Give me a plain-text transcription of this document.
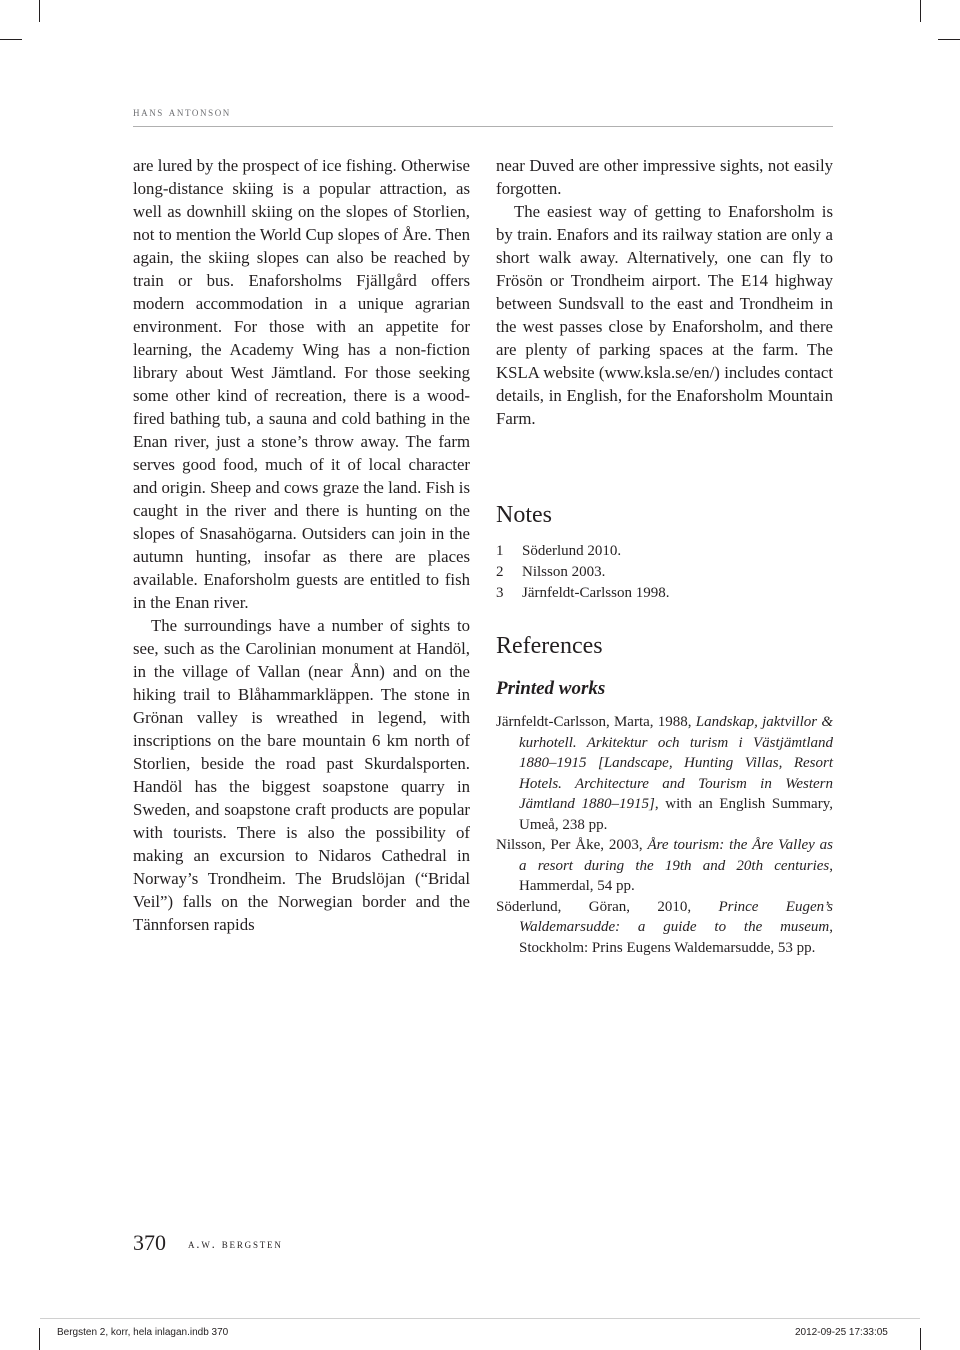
hans antonson

are lured by the prospect of ice fishing. Otherwise long-distance skiing is a popular attraction, as well as downhill skiing on the slopes of Storlien, not to mention the World Cup slopes of Åre. Then again, the skiing slopes can also be reached by train or bus. Enaforsholms Fjällgård offers modern accommodation in a unique agrarian environment. For those with an appetite for learning, the Academy Wing has a non-fiction library about West Jämtland. For those seeking some other kind of recreation, there is a wood-fired bathing tub, a sauna and cold bathing in the Enan river, just a stone’s throw away. The farm serves good food, much of it of local character and origin. Sheep and cows graze the land. Fish is caught in the river and there is hunting on the slopes of Snasahögarna. Outsiders can join in the autumn hunting, insofar as there are places available. Enaforsholm guests are entitled to fish in the Enan river.

The surroundings have a number of sights to see, such as the Carolinian monument at Handöl, in the village of Vallan (near Ånn) and on the hiking trail to Blåhammarkläppen. The stone in Grönan valley is wreathed in legend, with inscriptions on the bare mountain 6 km north of Storlien, beside the road past Skurdalsporten. Handöl has the biggest soapstone quarry in Sweden, and soapstone craft products are popular with tourists. There is also the possibility of making an excursion to Nidaros Cathedral in Norway’s Trondheim. The Brudslöjan (“Bridal Veil”) falls on the Norwegian border and the Tännforsen rapids

near Duved are other impressive sights, not easily forgotten.

The easiest way of getting to Enaforsholm is by train. Enafors and its railway station are only a short walk away. Alternatively, one can fly to Frösön or Trondheim airport. The E14 highway between Sundsvall to the east and Trondheim in the west passes close by Enaforsholm, and there are plenty of parking spaces at the farm. The KSLA website (www.ksla.se/en/) includes contact details, in English, for the Enaforsholm Mountain Farm.

Notes
1 Söderlund 2010.
2 Nilsson 2003.
3 Järnfeldt-Carlsson 1998.
References
Printed works

Järnfeldt-Carlsson, Marta, 1988, Landskap, jaktvillor & kurhotell. Arkitektur och turism i Västjämtland 1880–1915 [Landscape, Hunting Villas, Resort Hotels. Architecture and Tourism in Western Jämtland 1880–1915], with an English Summary, Umeå, 238 pp.

Nilsson, Per Åke, 2003, Åre tourism: the Åre Valley as a resort during the 19th and 20th centuries, Hammerdal, 54 pp.

Söderlund, Göran, 2010, Prince Eugen’s Waldemarsudde: a guide to the museum, Stockholm: Prins Eugens Waldemarsudde, 53 pp.

370 a.w. bergsten
Bergsten 2, korr, hela inlagan.indb 370	2012-09-25 17:33:05
